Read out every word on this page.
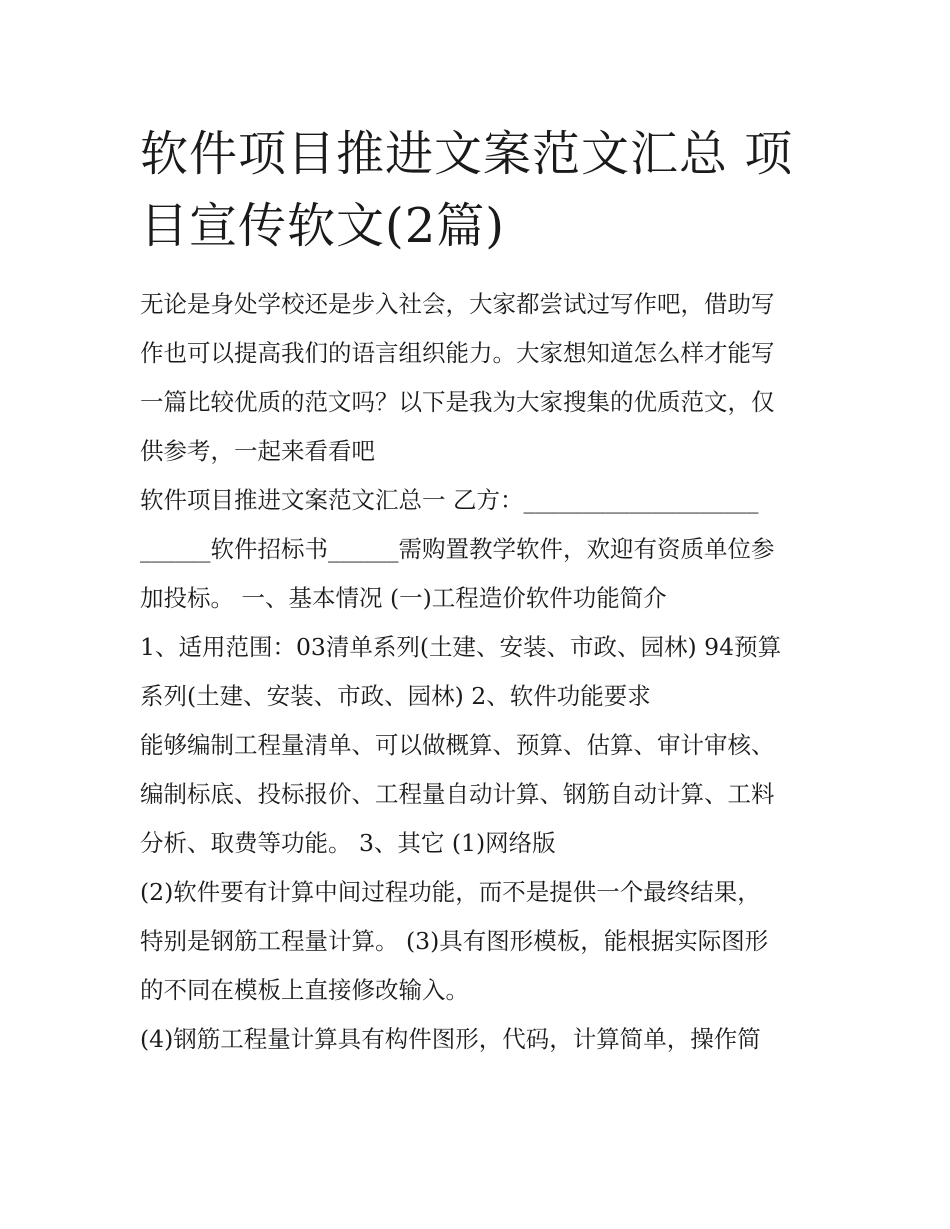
软件项目推进文案范文汇总 项
目宣传软文(2篇)
无论是身处学校还是步入社会，大家都尝试过写作吧，借助写
作也可以提高我们的语言组织能力。大家想知道怎么样才能写
一篇比较优质的范文吗？以下是我为大家搜集的优质范文，仅
供参考，一起来看看吧
软件项目推进文案范文汇总一 乙方：____________________
______软件招标书______需购置教学软件，欢迎有资质单位参
加投标。 一、基本情况 (一)工程造价软件功能简介
1、适用范围：03清单系列(土建、安装、市政、园林) 94预算
系列(土建、安装、市政、园林) 2、软件功能要求
能够编制工程量清单、可以做概算、预算、估算、审计审核、
编制标底、投标报价、工程量自动计算、钢筋自动计算、工料
分析、取费等功能。 3、其它 (1)网络版
(2)软件要有计算中间过程功能，而不是提供一个最终结果，
特别是钢筋工程量计算。 (3)具有图形模板，能根据实际图形
的不同在模板上直接修改输入。
(4)钢筋工程量计算具有构件图形，代码，计算简单，操作简
